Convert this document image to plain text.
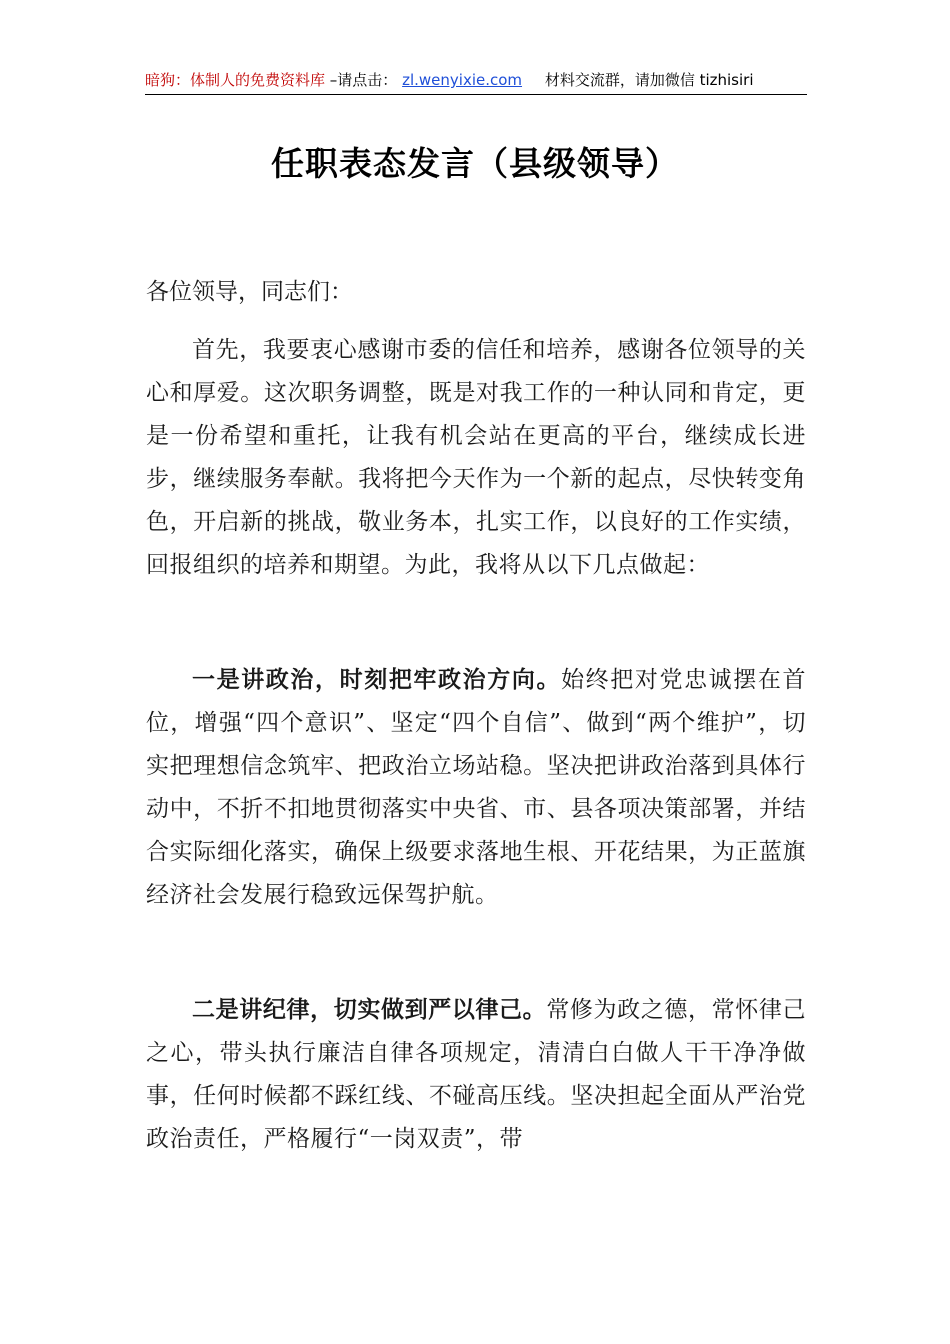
暗狗：体制人的免费资料库 –请点击： zl.wenyixie.com 材料交流群，请加微信 tizhisiri
任职表态发言（县级领导）

各位领导，同志们：

首先，我要衷心感谢市委的信任和培养，感谢各位领导的关心和厚爱。这次职务调整，既是对我工作的一种认同和肯定，更是一份希望和重托，让我有机会站在更高的平台，继续成长进步，继续服务奉献。我将把今天作为一个新的起点，尽快转变角色，开启新的挑战，敬业务本，扎实工作，以良好的工作实绩，回报组织的培养和期望。为此，我将从以下几点做起：

一是讲政治，时刻把牢政治方向。始终把对党忠诚摆在首位，增强“四个意识”、坚定“四个自信”、做到“两个维护”，切实把理想信念筑牢、把政治立场站稳。坚决把讲政治落到具体行动中，不折不扣地贯彻落实中央省、市、县各项决策部署，并结合实际细化落实，确保上级要求落地生根、开花结果，为正蓝旗经济社会发展行稳致远保驾护航。

二是讲纪律，切实做到严以律己。常修为政之德，常怀律己之心，带头执行廉洁自律各项规定，清清白白做人干干净净做事，任何时候都不踩红线、不碰高压线。坚决担起全面从严治党政治责任，严格履行“一岗双责”，带
